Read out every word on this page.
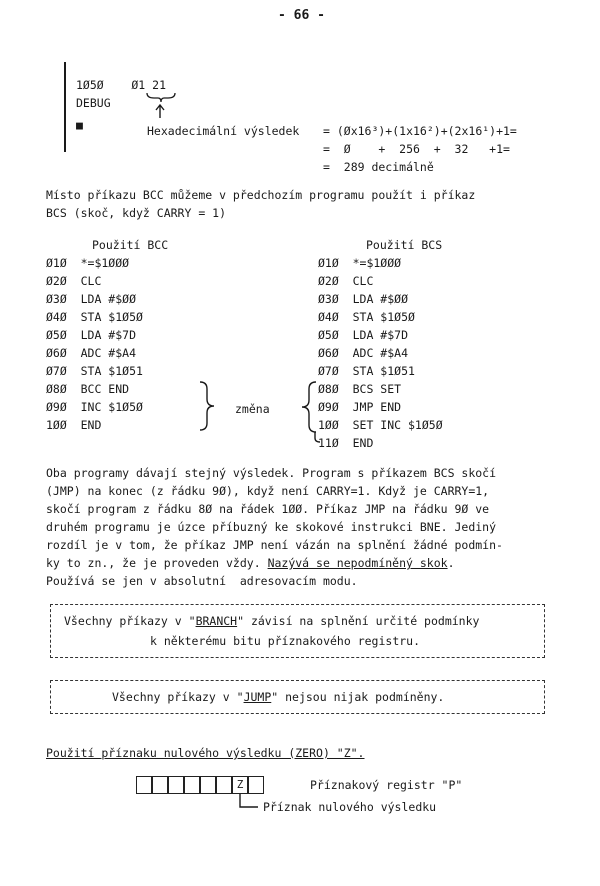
- 66 -
1Ø5Ø    Ø1 21
DEBUG
■	Hexadecimální výsledek = (Øx16³)+(1x16²)+(2x16¹)+1=
=  Ø    +  256  +  32   +1=
=  289 decimálně
Místo příkazu BCC můžeme v předchozím programu použít i příkaz
BCS (skoč, když CARRY = 1)
Použití BCC
Ø1Ø  *=$1ØØØ
Ø2Ø  CLC
Ø3Ø  LDA #$ØØ
Ø4Ø  STA $1Ø5Ø
Ø5Ø  LDA #$7D
Ø6Ø  ADC #$A4
Ø7Ø  STA $1Ø51
Ø8Ø  BCC END
Ø9Ø  INC $1Ø5Ø
1ØØ  END
změna
Použití BCS
Ø1Ø  *=$1ØØØ
Ø2Ø  CLC
Ø3Ø  LDA #$ØØ
Ø4Ø  STA $1Ø5Ø
Ø5Ø  LDA #$7D
Ø6Ø  ADC #$A4
Ø7Ø  STA $1Ø51
Ø8Ø  BCS SET
Ø9Ø  JMP END
1ØØ  SET INC $1Ø5Ø
11Ø  END
Oba programy dávají stejný výsledek. Program s příkazem BCS skočí
(JMP) na konec (z řádku 9Ø), když není CARRY=1. Když je CARRY=1,
skočí program z řádku 8Ø na řádek 1ØØ. Příkaz JMP na řádku 9Ø ve
druhém programu je úzce příbuzný ke skokové instrukci BNE. Jediný
rozdíl je v tom, že příkaz JMP není vázán na splnění žádné podmín-
ky to zn., že je proveden vždy. Nazývá se nepodmíněný skok.
Používá se jen v absolutní  adresovacím modu.
Všechny příkazy v "BRANCH" závisí na splnění určité podmínky
k některému bitu příznakového registru.
Všechny příkazy v "JUMP" nejsou nijak podmíněny.
Použití příznaku nulového výsledku (ZERO) "Z".
Z	Příznakový registr "P"
Příznak nulového výsledku
